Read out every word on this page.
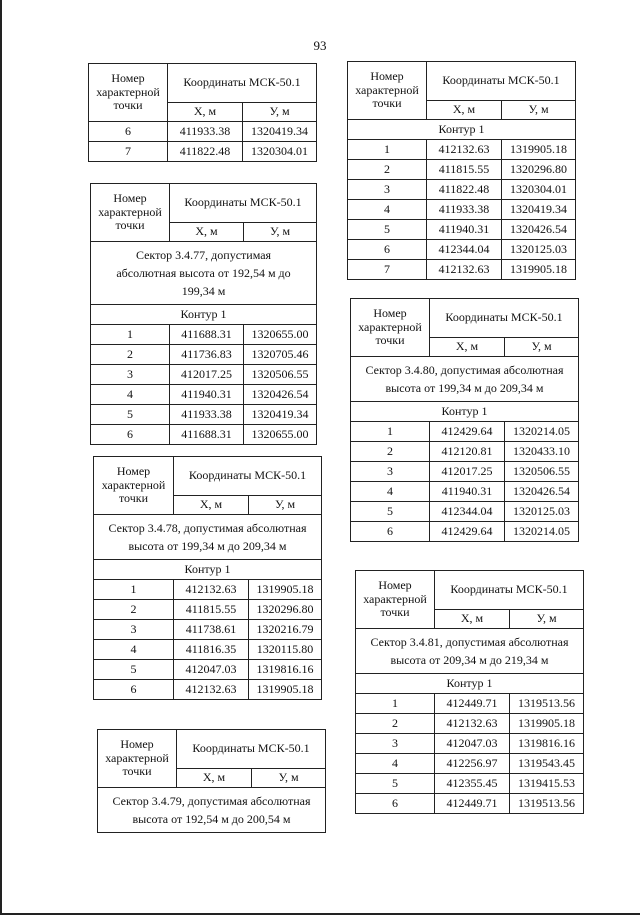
93
Номер характерной точки	Координаты МСК-50.1	
	Х, м	У, м
6	411933.38	1320419.34
7	411822.48	1320304.01
Номер характерной точки	Координаты МСК-50.1	
	Х, м	У, м
Сектор 3.4.77, допустимая абсолютная высота от 192,54 м до 199,34 м		
Контур 1		
1	411688.31	1320655.00
2	411736.83	1320705.46
3	412017.25	1320506.55
4	411940.31	1320426.54
5	411933.38	1320419.34
6	411688.31	1320655.00
Номер характерной точки	Координаты МСК-50.1	
	Х, м	У, м
Сектор 3.4.78, допустимая абсолютная высота от 199,34 м до 209,34 м		
Контур 1		
1	412132.63	1319905.18
2	411815.55	1320296.80
3	411738.61	1320216.79
4	411816.35	1320115.80
5	412047.03	1319816.16
6	412132.63	1319905.18
Номер характерной точки	Координаты МСК-50.1	
	Х, м	У, м
Сектор 3.4.79, допустимая абсолютная высота от 192,54 м до 200,54 м		
Номер характерной точки	Координаты МСК-50.1	
	Х, м	У, м
Контур 1		
1	412132.63	1319905.18
2	411815.55	1320296.80
3	411822.48	1320304.01
4	411933.38	1320419.34
5	411940.31	1320426.54
6	412344.04	1320125.03
7	412132.63	1319905.18
Номер характерной точки	Координаты МСК-50.1	
	Х, м	У, м
Сектор 3.4.80, допустимая абсолютная высота от 199,34 м до 209,34 м		
Контур 1		
1	412429.64	1320214.05
2	412120.81	1320433.10
3	412017.25	1320506.55
4	411940.31	1320426.54
5	412344.04	1320125.03
6	412429.64	1320214.05
Номер характерной точки	Координаты МСК-50.1	
	Х, м	У, м
Сектор 3.4.81, допустимая абсолютная высота от 209,34 м до 219,34 м		
Контур 1		
1	412449.71	1319513.56
2	412132.63	1319905.18
3	412047.03	1319816.16
4	412256.97	1319543.45
5	412355.45	1319415.53
6	412449.71	1319513.56
